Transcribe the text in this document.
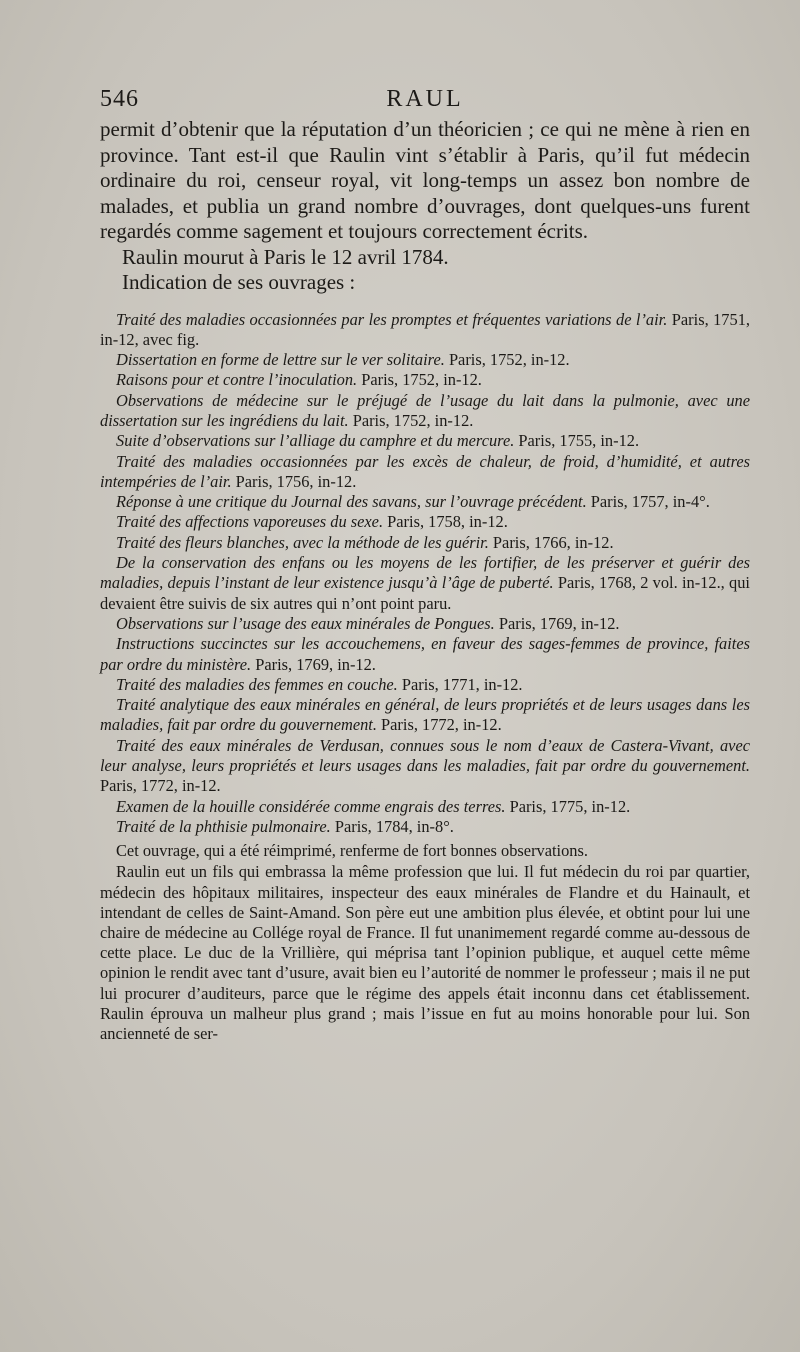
546	RAUL

permit d’obtenir que la réputation d’un théoricien ; ce qui ne mène à rien en province. Tant est-il que Raulin vint s’établir à Paris, qu’il fut médecin ordinaire du roi, censeur royal, vit long-temps un assez bon nombre de malades, et publia un grand nombre d’ouvrages, dont quelques-uns furent regardés comme sagement et toujours correctement écrits.

Raulin mourut à Paris le 12 avril 1784.

Indication de ses ouvrages :

Traité des maladies occasionnées par les promptes et fréquentes variations de l’air. Paris, 1751, in-12, avec fig.

Dissertation en forme de lettre sur le ver solitaire. Paris, 1752, in-12.

Raisons pour et contre l’inoculation. Paris, 1752, in-12.

Observations de médecine sur le préjugé de l’usage du lait dans la pulmonie, avec une dissertation sur les ingrédiens du lait. Paris, 1752, in-12.

Suite d’observations sur l’alliage du camphre et du mercure. Paris, 1755, in-12.

Traité des maladies occasionnées par les excès de chaleur, de froid, d’humidité, et autres intempéries de l’air. Paris, 1756, in-12.

Réponse à une critique du Journal des savans, sur l’ouvrage précédent. Paris, 1757, in-4°.

Traité des affections vaporeuses du sexe. Paris, 1758, in-12.

Traité des fleurs blanches, avec la méthode de les guérir. Paris, 1766, in-12.

De la conservation des enfans ou les moyens de les fortifier, de les préserver et guérir des maladies, depuis l’instant de leur existence jusqu’à l’âge de puberté. Paris, 1768, 2 vol. in-12., qui devaient être suivis de six autres qui n’ont point paru.

Observations sur l’usage des eaux minérales de Pongues. Paris, 1769, in-12.

Instructions succinctes sur les accouchemens, en faveur des sages-femmes de province, faites par ordre du ministère. Paris, 1769, in-12.

Traité des maladies des femmes en couche. Paris, 1771, in-12.

Traité analytique des eaux minérales en général, de leurs propriétés et de leurs usages dans les maladies, fait par ordre du gouvernement. Paris, 1772, in-12.

Traité des eaux minérales de Verdusan, connues sous le nom d’eaux de Castera-Vivant, avec leur analyse, leurs propriétés et leurs usages dans les maladies, fait par ordre du gouvernement. Paris, 1772, in-12.

Examen de la houille considérée comme engrais des terres. Paris, 1775, in-12.

Traité de la phthisie pulmonaire. Paris, 1784, in-8°.

Cet ouvrage, qui a été réimprimé, renferme de fort bonnes observations.

Raulin eut un fils qui embrassa la même profession que lui. Il fut médecin du roi par quartier, médecin des hôpitaux militaires, inspecteur des eaux minérales de Flandre et du Hainault, et intendant de celles de Saint-Amand. Son père eut une ambition plus élevée, et obtint pour lui une chaire de médecine au Collége royal de France. Il fut unanimement regardé comme au-dessous de cette place. Le duc de la Vrillière, qui méprisa tant l’opinion publique, et auquel cette même opinion le rendit avec tant d’usure, avait bien eu l’autorité de nommer le professeur ; mais il ne put lui procurer d’auditeurs, parce que le régime des appels était inconnu dans cet établissement. Raulin éprouva un malheur plus grand ; mais l’issue en fut au moins honorable pour lui. Son ancienneté de ser-
